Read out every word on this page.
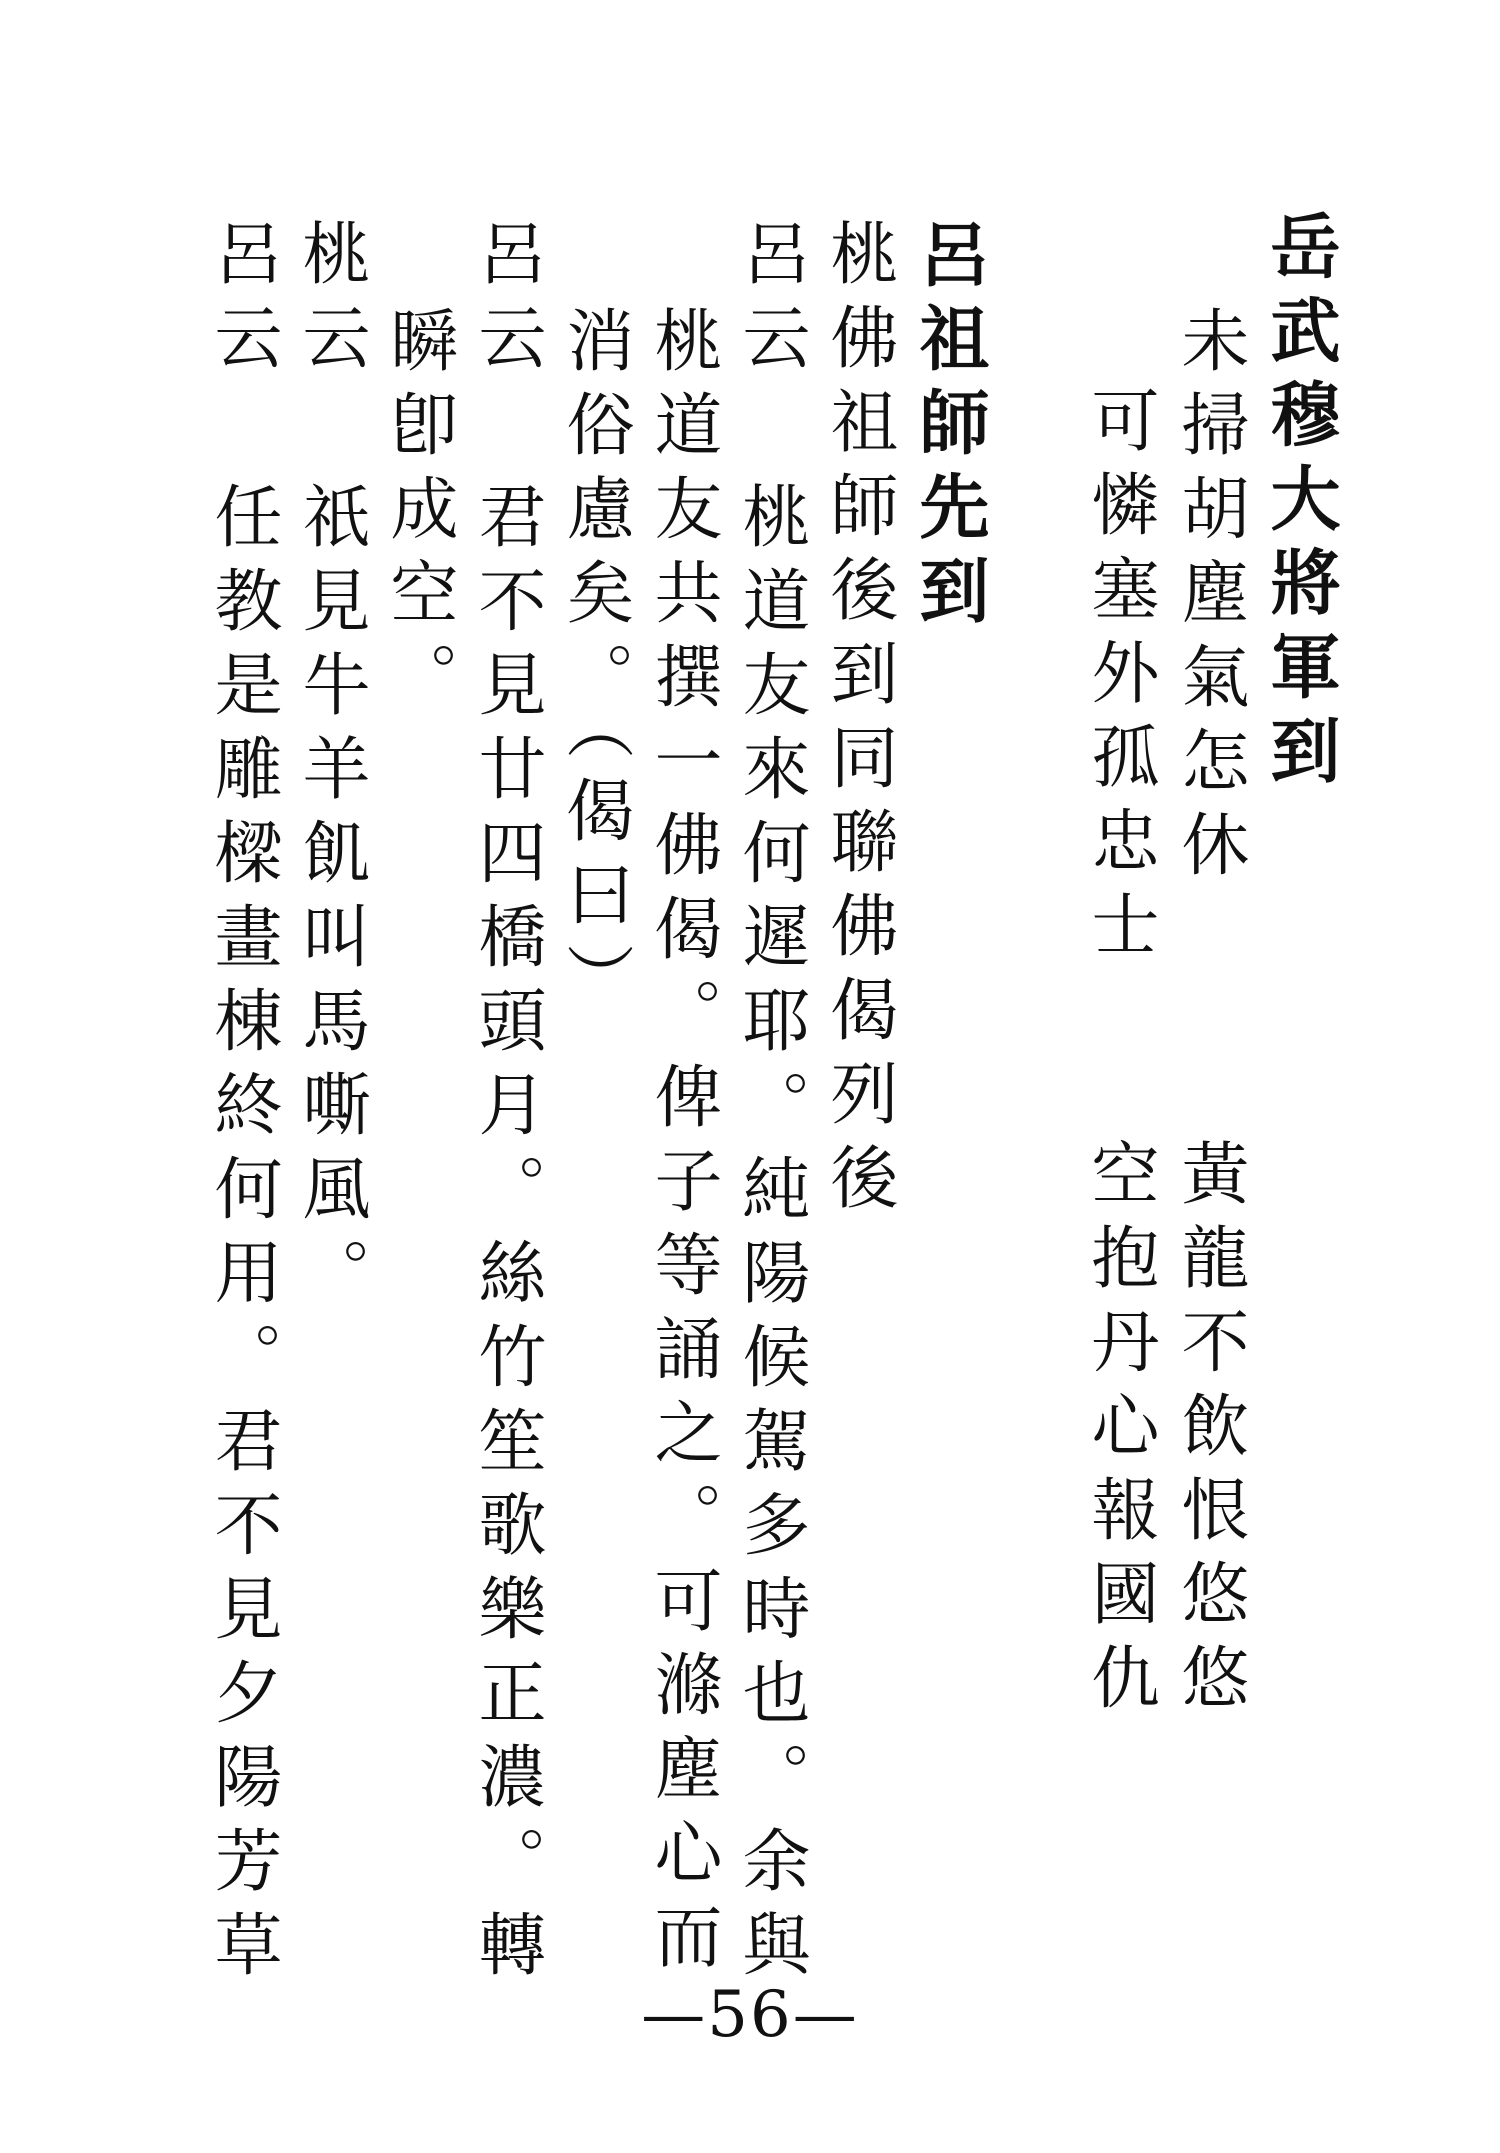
岳武穆大將軍到
未掃胡塵氣怎休
可憐塞外孤忠士
黃龍不飲恨悠悠
空抱丹心報國仇
呂祖師先到
桃佛祖師後到同聯佛偈列後
呂云 桃道友來何遲耶。純陽候駕多時也。余與
桃道友共撰一佛偈。俾子等誦之。可滌塵心而
消俗慮矣。（偈曰）
呂云 君不見廿四橋頭月。絲竹笙歌樂正濃。轉
瞬卽成空。
桃云 祇見牛羊飢叫馬嘶風。
呂云 任教是雕樑畫棟終何用。君不見夕陽芳草
—56—
